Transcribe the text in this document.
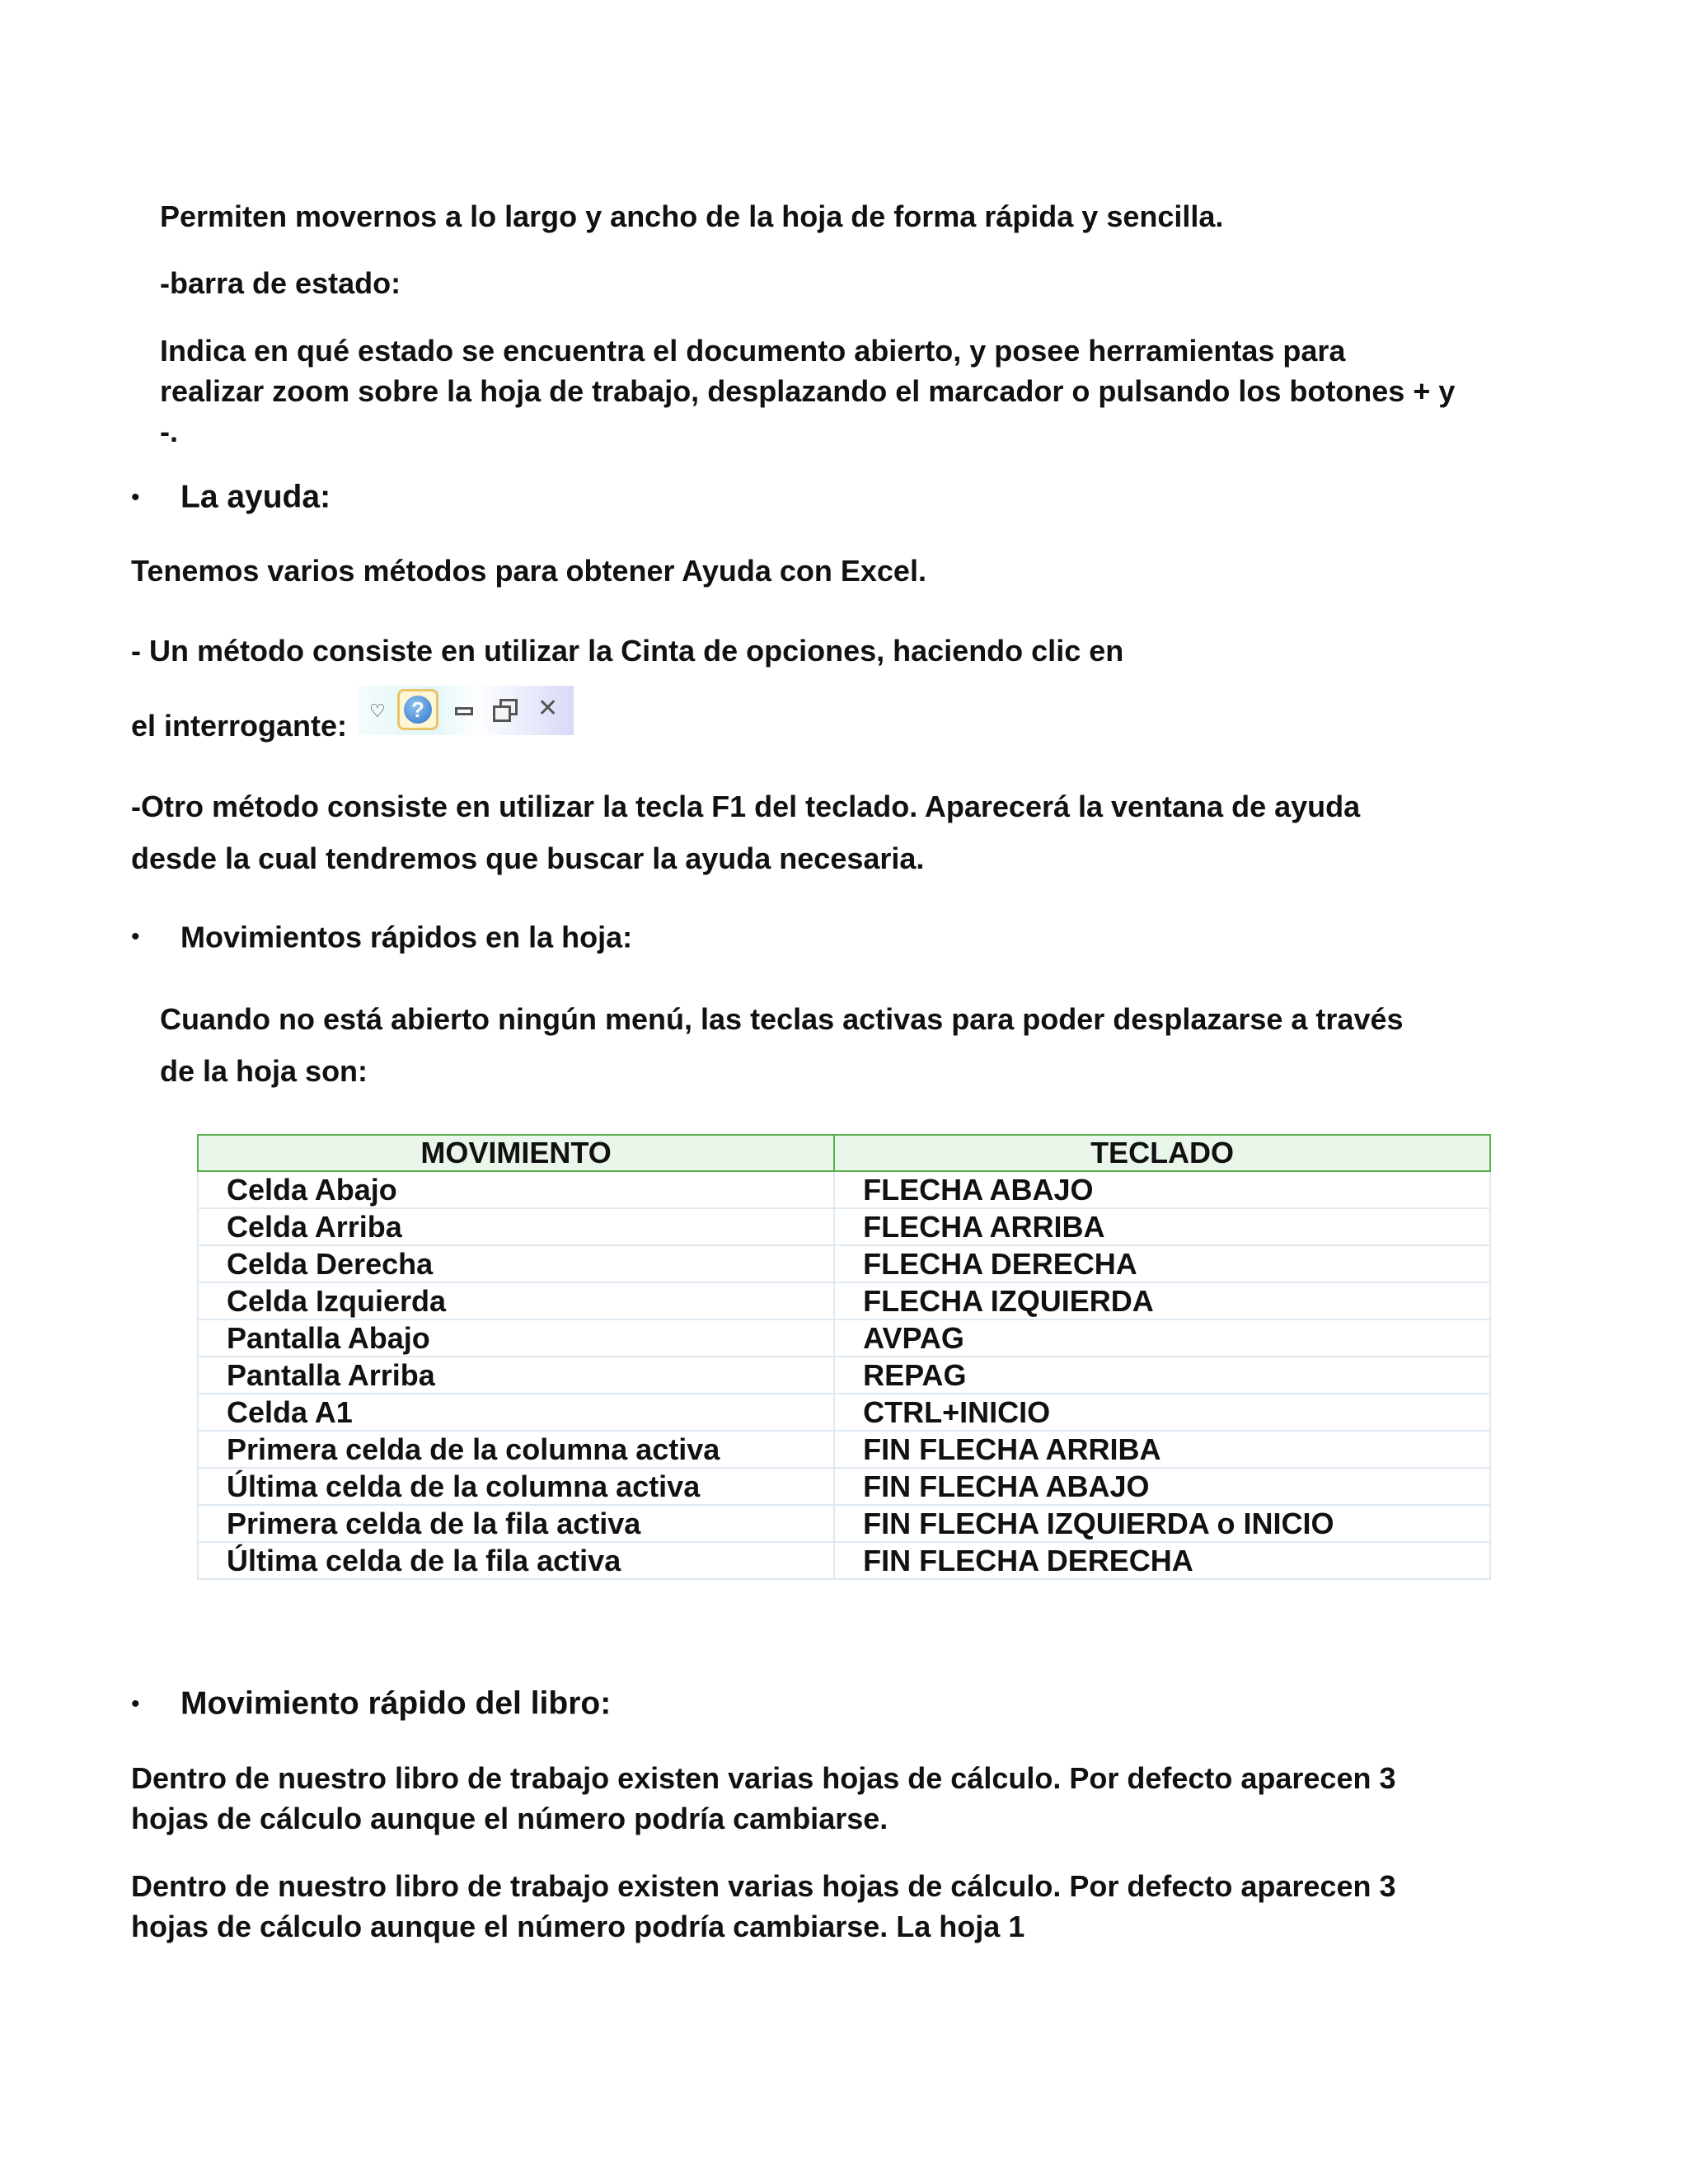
Permiten movernos a lo largo y ancho de la hoja de forma rápida y sencilla.

-barra de estado:

Indica en qué estado se encuentra el documento abierto, y posee herramientas para

realizar zoom sobre la hoja de trabajo, desplazando el marcador o pulsando los botones + y

-.

• La ayuda:

Tenemos varios métodos para obtener Ayuda con Excel.

- Un método consiste en utilizar la Cinta de opciones, haciendo clic en

el interrogante: ♡	?	✕

-Otro método consiste en utilizar la tecla F1 del teclado. Aparecerá la ventana de ayuda

desde la cual tendremos que buscar la ayuda necesaria.

• Movimientos rápidos en la hoja:

Cuando no está abierto ningún menú, las teclas activas para poder desplazarse a través

de la hoja son:

MOVIMIENTO	TECLADO
Celda Abajo	FLECHA ABAJO
Celda Arriba	FLECHA ARRIBA
Celda Derecha	FLECHA DERECHA
Celda Izquierda	FLECHA IZQUIERDA
Pantalla Abajo	AVPAG
Pantalla Arriba	REPAG
Celda A1	CTRL+INICIO
Primera celda de la columna activa	FIN FLECHA ARRIBA
Última celda de la columna activa	FIN FLECHA ABAJO
Primera celda de la fila activa	FIN FLECHA IZQUIERDA o INICIO
Última celda de la fila activa	FIN FLECHA DERECHA
• Movimiento rápido del libro:

Dentro de nuestro libro de trabajo existen varias hojas de cálculo. Por defecto aparecen 3

hojas de cálculo aunque el número podría cambiarse.

Dentro de nuestro libro de trabajo existen varias hojas de cálculo. Por defecto aparecen 3

hojas de cálculo aunque el número podría cambiarse. La hoja 1
